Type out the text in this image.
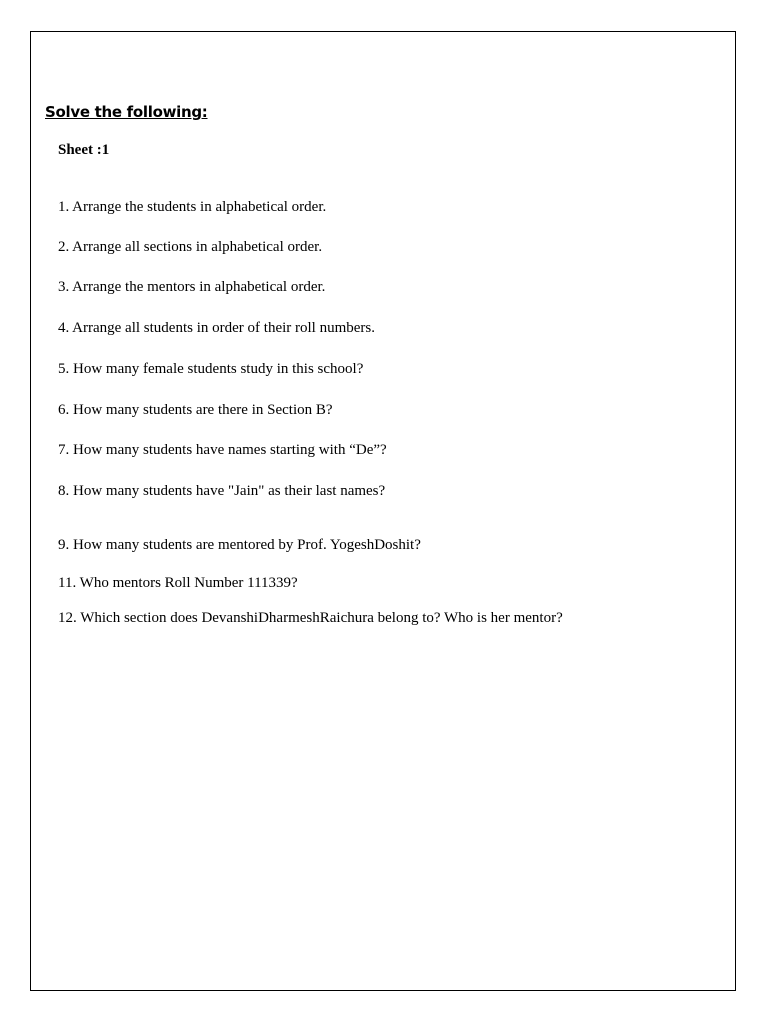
Solve the following:

Sheet :1

1. Arrange the students in alphabetical order.

2. Arrange all sections in alphabetical order.

3. Arrange the mentors in alphabetical order.

4. Arrange all students in order of their roll numbers.

5. How many female students study in this school?

6. How many students are there in Section B?

7. How many students have names starting with “De”?

8. How many students have "Jain" as their last names?

9. How many students are mentored by Prof. YogeshDoshit?

11. Who mentors Roll Number 111339?

12. Which section does DevanshiDharmeshRaichura belong to? Who is her mentor?
